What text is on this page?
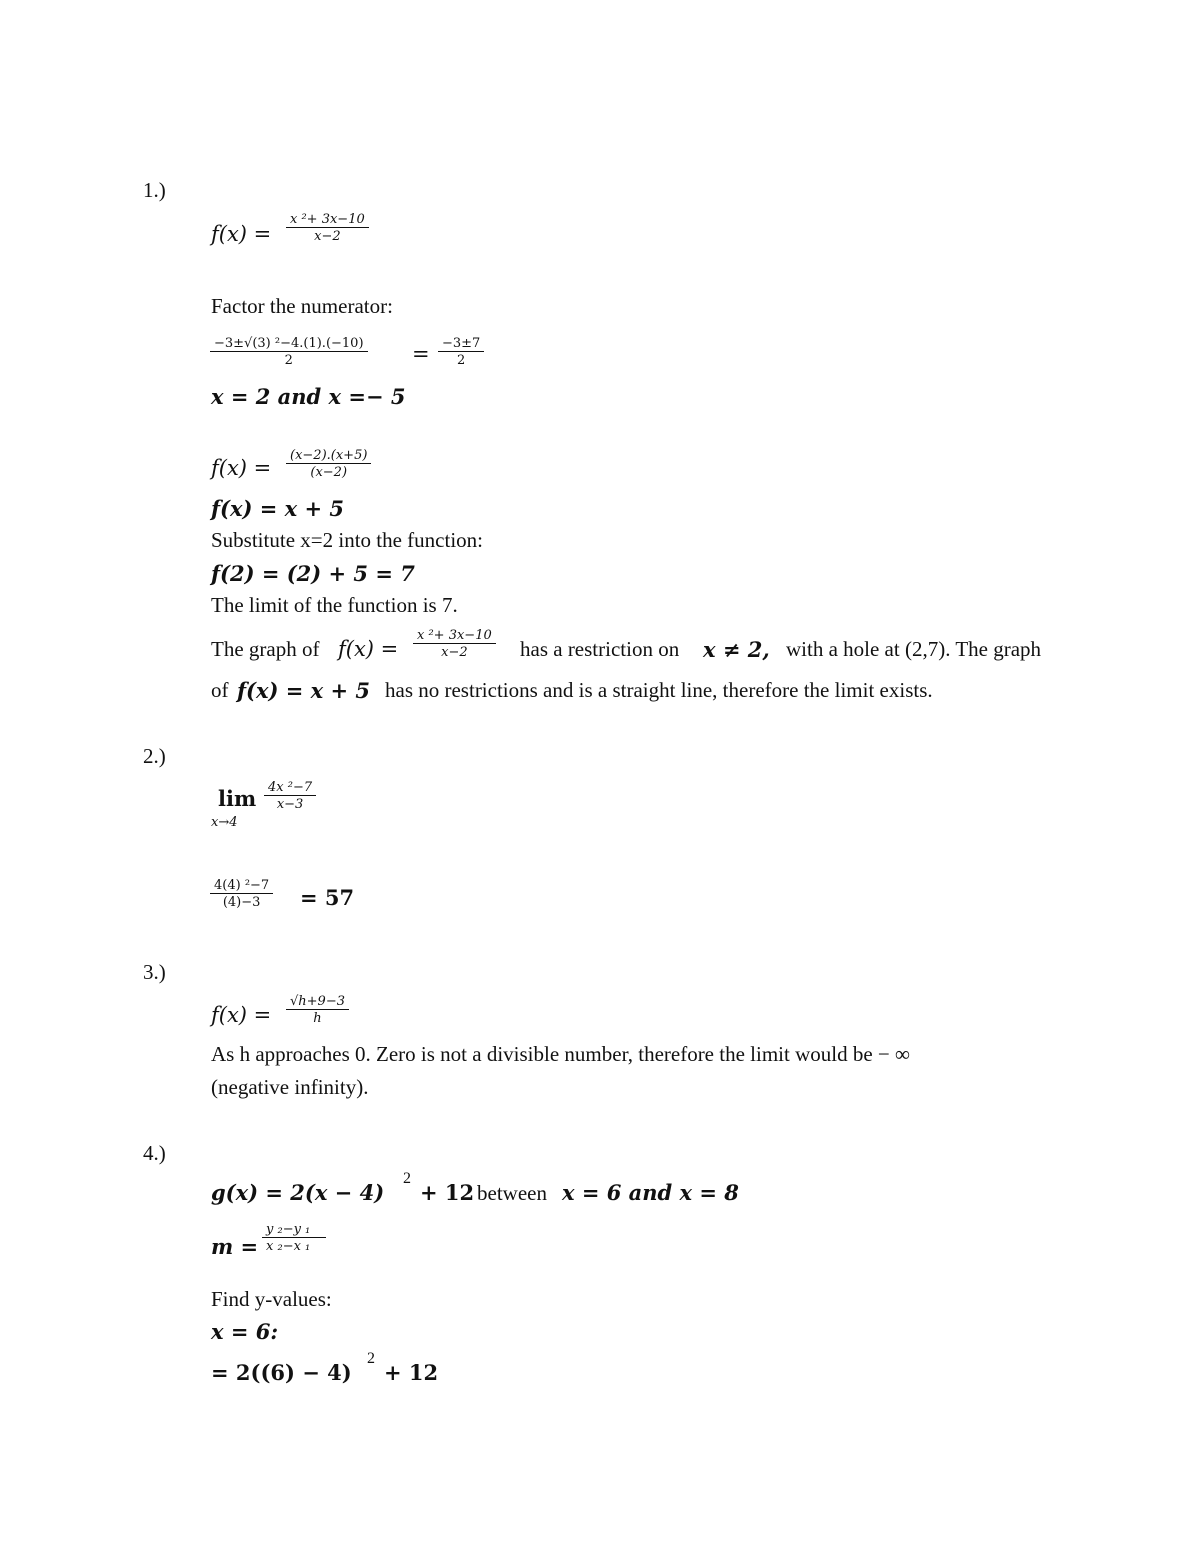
1.)
$f(x) = \frac{\text{x ²+ 3x−10}}{x-2}$
Factor the numerator:
$\frac{\text{−3±√(3) ²−4.(1).(−10)}}{2} = \frac{-3\pm 7}{2}$
x = 2 and x =− 5
$f(x) = \frac{(x-2).(x+5)}{(x-2)}$
f(x) = x + 5
Substitute x=2 into the function:
f(2) = (2) + 5 = 7
The limit of the function is 7.
The graph of $f(x) = \frac{\text{x ²+ 3x−10}}{x-2}$ has a restriction on x ≠ 2, with a hole at (2,7). The graph
of f(x) = x + 5 has no restrictions and is a straight line, therefore the limit exists.
2.)
lim
x→4
$\frac{\text{4x ²−7}}{x-3}$
$\frac{\text{4(4) ²−7}}{(4)-3} = 57$
3.)
$f(x) = \frac{√h+9-3}{h}$
As h approaches 0. Zero is not a divisible number, therefore the limit would be − ∞
(negative infinity).
4.)
g(x) = 2(x − 4)
2
+ 12 between x = 6 and x = 8
$m = \frac{\text{y ₂−y ₁}}{\text{x ₂−x ₁}}$
Find y-values:
x = 6:
= 2((6) − 4)
2
+ 12
